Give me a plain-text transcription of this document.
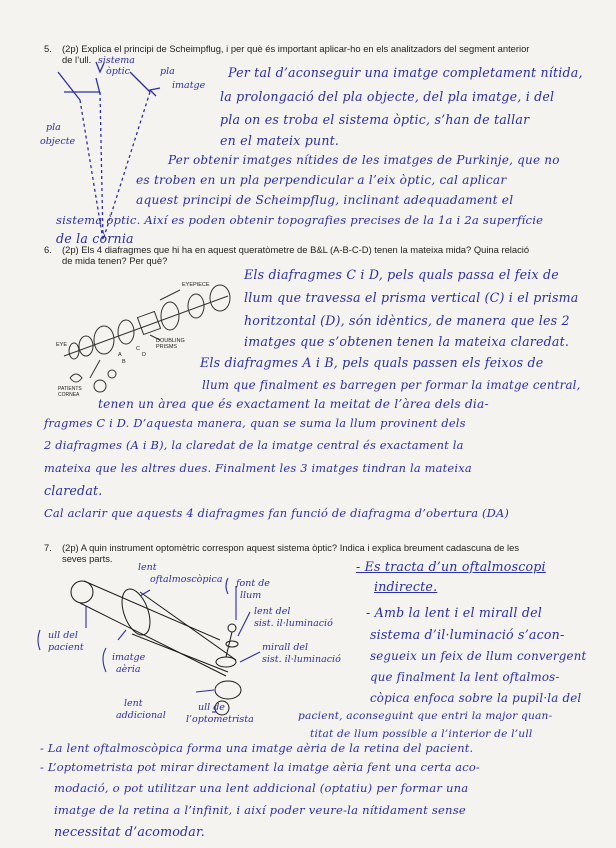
5. (2p) Explica el principi de Scheimpflug, i per què és important aplicar-ho en els analitzadors del segment anterior
de l’ull.
6. (2p) Els 4 diafragmes que hi ha en aquest queratòmetre de B&L (A-B-C-D) tenen la mateixa mida? Quina relació
de mida tenen? Per què?
7. (2p) A quin instrument optomètric correspon aquest sistema òptic? Indica i explica breument cadascuna de les
seves parts.
sistema
òptic	pla
imatge
pla
objecte
Per tal d’aconseguir una imatge completament nítida,
la prolongació del pla objecte, del pla imatge, i del
pla on es troba el sistema òptic, s’han de tallar
en el mateix punt.
Per obtenir imatges nítides de les imatges de Purkinje, que no
es troben en un pla perpendicular a l’eix òptic, cal aplicar
aquest principi de Scheimpflug, inclinant adequadament el
sistema òptic. Així es poden obtenir topografies precises de la 1a i 2a superfície
de la còrnia
EYEPIECE
DOUBLING PRISMS
EYE
PATIENTS CORNEA
A
B
C
D
Els diafragmes C i D, pels quals passa el feix de
llum que travessa el prisma vertical (C) i el prisma
horitzontal (D), són idèntics, de manera que les 2
imatges que s’obtenen tenen la mateixa claredat.
Els diafragmes A i B, pels quals passen els feixos de
llum que finalment es barregen per formar la imatge central,
tenen un àrea que és exactament la meitat de l’àrea dels dia-
fragmes C i D. D’aquesta manera, quan se suma la llum provinent dels
2 diafragmes (A i B), la claredat de la imatge central és exactament la
mateixa que les altres dues. Finalment les 3 imatges tindran la mateixa
claredat.
Cal aclarir que aquests 4 diafragmes fan funció de diafragma d’obertura (DA)
lent
oftalmoscòpica font de
llum
lent del
sist. il·luminació
mirall del
sist. il·luminació
ull del
pacient
imatge
aèria
lent
addicional
ull de
l’optometrista
- Es tracta d’un oftalmoscopi
indirecte.
- Amb la lent i el mirall del
sistema d’il·luminació s’acon-
segueix un feix de llum convergent
que finalment la lent oftalmos-
còpica enfoca sobre la pupil·la del
pacient, aconseguint que entri la major quan-
titat de llum possible a l’interior de l’ull
- La lent oftalmoscòpica forma una imatge aèria de la retina del pacient.
- L’optometrista pot mirar directament la imatge aèria fent una certa aco-
modació, o pot utilitzar una lent addicional (optatiu) per formar una
imatge de la retina a l’infinit, i així poder veure-la nítidament sense
necessitat d’acomodar.
